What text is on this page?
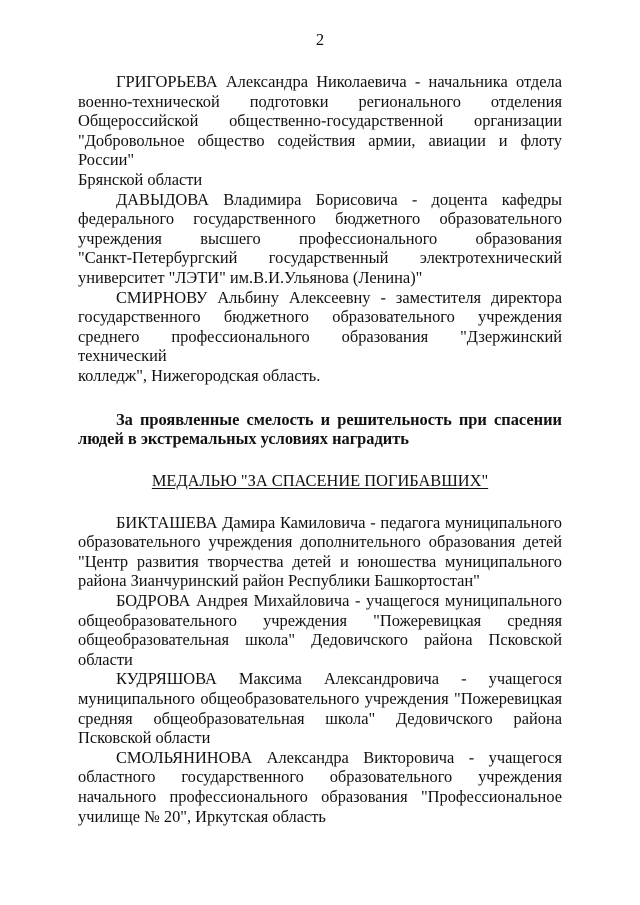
2

ГРИГОРЬЕВА Александра Николаевича - начальника отдела
военно-технической подготовки регионального отделения
Общероссийской общественно-государственной организации
"Добровольное общество содействия армии, авиации и флоту России"
Брянской области

ДАВЫДОВА Владимира Борисовича - доцента кафедры
федерального государственного бюджетного образовательного
учреждения высшего профессионального образования
"Санкт-Петербургский государственный электротехнический
университет "ЛЭТИ" им.В.И.Ульянова (Ленина)"

СМИРНОВУ Альбину Алексеевну - заместителя директора
государственного бюджетного образовательного учреждения
среднего профессионального образования "Дзержинский технический
колледж", Нижегородская область.

За проявленные смелость и решительность при спасении
людей в экстремальных условиях наградить

МЕДАЛЬЮ "ЗА СПАСЕНИЕ ПОГИБАВШИХ"

БИКТАШЕВА Дамира Камиловича - педагога муниципального
образовательного учреждения дополнительного образования детей
"Центр развития творчества детей и юношества муниципального
района Зианчуринский район Республики Башкортостан"

БОДРОВА Андрея Михайловича - учащегося муниципального
общеобразовательного учреждения "Пожеревицкая средняя
общеобразовательная школа" Дедовичского района Псковской
области

КУДРЯШОВА Максима Александровича - учащегося
муниципального общеобразовательного учреждения "Пожеревицкая
средняя общеобразовательная школа" Дедовичского района
Псковской области

СМОЛЬЯНИНОВА Александра Викторовича - учащегося
областного государственного образовательного учреждения
начального профессионального образования "Профессиональное
училище № 20", Иркутская область
